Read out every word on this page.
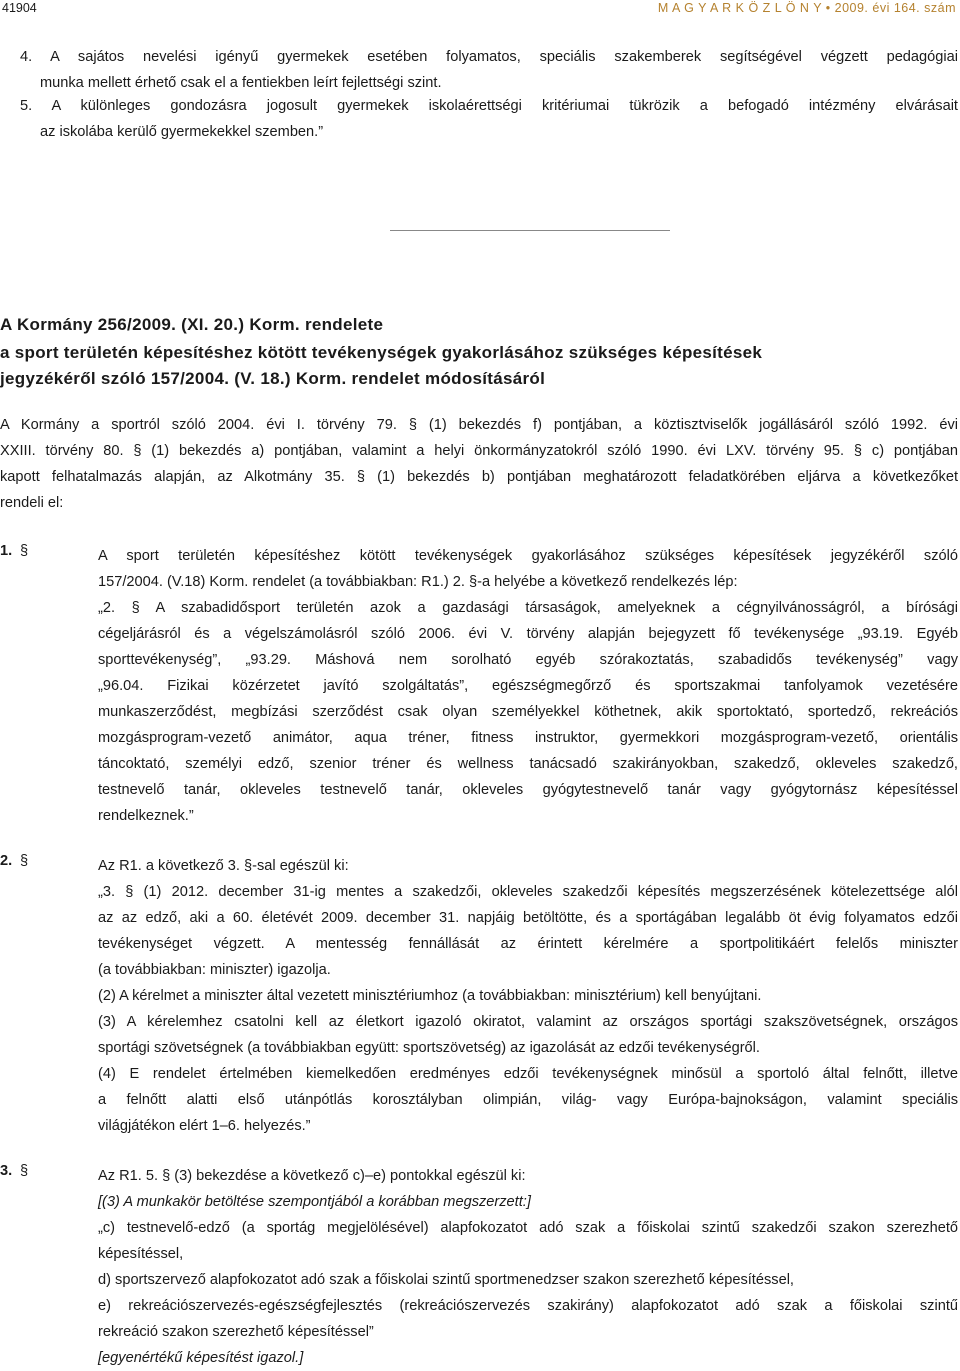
41904	M A G Y A R K Ö Z L Ö N Y • 2009. évi 164. szám
4. A sajátos nevelési igényű gyermekek esetében folyamatos, speciális szakemberek segítségével végzett pedagógiai
munka mellett érhető csak el a fentiekben leírt fejlettségi szint.
5. A különleges gondozásra jogosult gyermekek iskolaérettségi kritériumai tükrözik a befogadó intézmény elvárásait
az iskolába kerülő gyermekekkel szemben.”
A Kormány 256/2009. (XI. 20.) Korm. rendelete
a sport területén képesítéshez kötött tevékenységek gyakorlásához szükséges képesítések
jegyzékéről szóló 157/2004. (V. 18.) Korm. rendelet módosításáról
A Kormány a sportról szóló 2004. évi I. törvény 79. § (1) bekezdés f) pontjában, a köztisztviselők jogállásáról szóló 1992. évi
XXIII. törvény 80. § (1) bekezdés a) pontjában, valamint a helyi önkormányzatokról szóló 1990. évi LXV. törvény 95. § c) pontjában
kapott felhatalmazás alapján, az Alkotmány 35. § (1) bekezdés b) pontjában meghatározott feladatkörében eljárva a következőket
rendeli el:
1. §	A sport területén képesítéshez kötött tevékenységek gyakorlásához szükséges képesítések jegyzékéről szóló
157/2004. (V.18) Korm. rendelet (a továbbiakban: R1.) 2. §-a helyébe a következő rendelkezés lép:
„2. § A szabadidősport területén azok a gazdasági társaságok, amelyeknek a cégnyilvánosságról, a bírósági
cégeljárásról és a végelszámolásról szóló 2006. évi V. törvény alapján bejegyzett fő tevékenysége „93.19. Egyéb
sporttevékenység”, „93.29. Máshová nem sorolható egyéb szórakoztatás, szabadidős tevékenység” vagy
„96.04. Fizikai közérzetet javító szolgáltatás”, egészségmegőrző és sportszakmai tanfolyamok vezetésére
munkaszerződést, megbízási szerződést csak olyan személyekkel köthetnek, akik sportoktató, sportedző, rekreációs
mozgásprogram-vezető animátor, aqua tréner, fitness instruktor, gyermekkori mozgásprogram-vezető, orientális
táncoktató, személyi edző, szenior tréner és wellness tanácsadó szakirányokban, szakedző, okleveles szakedző,
testnevelő tanár, okleveles testnevelő tanár, okleveles gyógytestnevelő tanár vagy gyógytornász képesítéssel
rendelkeznek.”
2. §	Az R1. a következő 3. §-sal egészül ki:
„3. § (1) 2012. december 31-ig mentes a szakedzői, okleveles szakedzői képesítés megszerzésének kötelezettsége alól
az az edző, aki a 60. életévét 2009. december 31. napjáig betöltötte, és a sportágában legalább öt évig folyamatos edzői
tevékenységet végzett. A mentesség fennállását az érintett kérelmére a sportpolitikáért felelős miniszter
(a továbbiakban: miniszter) igazolja.
(2) A kérelmet a miniszter által vezetett minisztériumhoz (a továbbiakban: minisztérium) kell benyújtani.
(3) A kérelemhez csatolni kell az életkort igazoló okiratot, valamint az országos sportági szakszövetségnek, országos
sportági szövetségnek (a továbbiakban együtt: sportszövetség) az igazolását az edzői tevékenységről.
(4) E rendelet értelmében kiemelkedően eredményes edzői tevékenységnek minősül a sportoló által felnőtt, illetve
a felnőtt alatti első utánpótlás korosztályban olimpián, világ- vagy Európa-bajnokságon, valamint speciális
világjátékon elért 1–6. helyezés.”
3. §	Az R1. 5. § (3) bekezdése a következő c)–e) pontokkal egészül ki:
[(3) A munkakör betöltése szempontjából a korábban megszerzett:]
„c) testnevelő-edző (a sportág megjelölésével) alapfokozatot adó szak a főiskolai szintű szakedzői szakon szerezhető
képesítéssel,
d) sportszervező alapfokozatot adó szak a főiskolai szintű sportmenedzser szakon szerezhető képesítéssel,
e) rekreációszervezés-egészségfejlesztés (rekreációszervezés szakirány) alapfokozatot adó szak a főiskolai szintű
rekreáció szakon szerezhető képesítéssel”
[egyenértékű képesítést igazol.]
